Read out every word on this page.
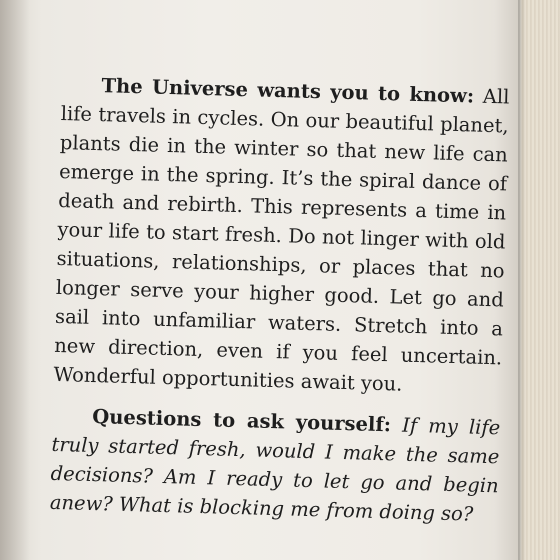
The Universe wants you to know: All life travels in cycles. On our beautiful planet, plants die in the winter so that new life can emerge in the spring. It’s the spiral dance of death and rebirth. This represents a time in your life to start fresh. Do not linger with old situations, relationships, or places that no longer serve your higher good. Let go and sail into unfamiliar waters. Stretch into a new direction, even if you feel uncertain. Wonderful opportunities await you.

Questions to ask yourself: If my life truly started fresh, would I make the same decisions? Am I ready to let go and begin anew? What is blocking me from doing so?
